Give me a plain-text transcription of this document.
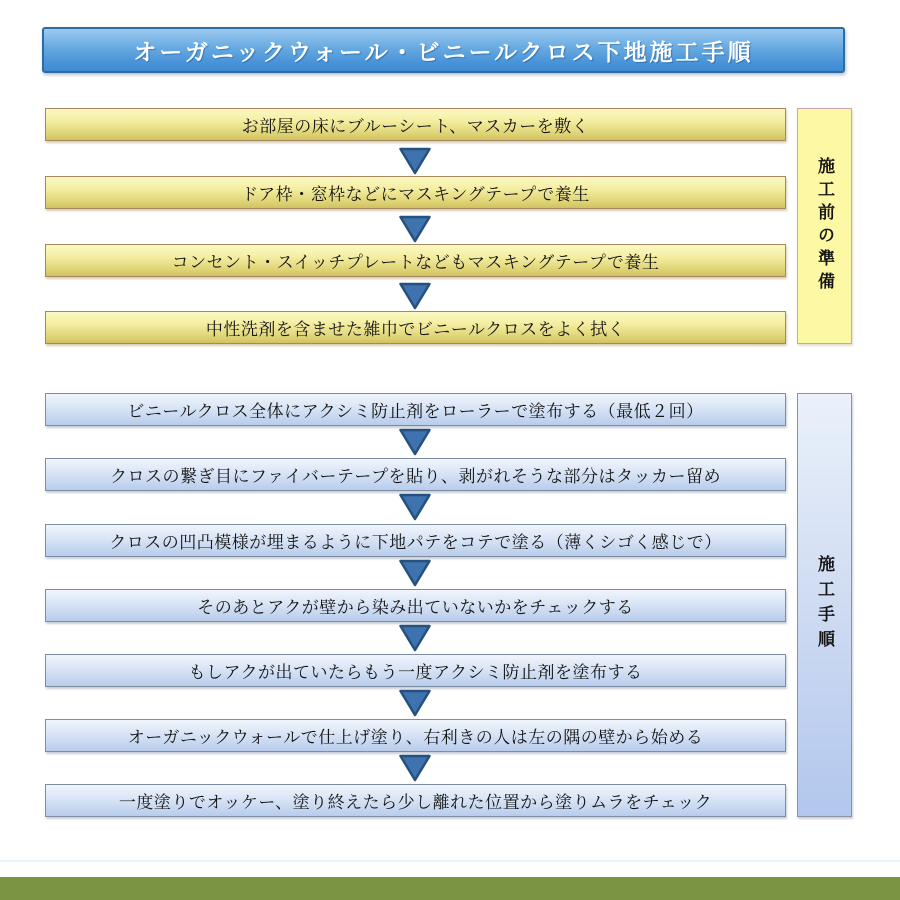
オーガニックウォール・ビニールクロス下地施工手順
お部屋の床にブルーシート、マスカーを敷く
ドア枠・窓枠などにマスキングテープで養生
コンセント・スイッチプレートなどもマスキングテープで養生
中性洗剤を含ませた雑巾でビニールクロスをよく拭く
施工前の準備
ビニールクロス全体にアクシミ防止剤をローラーで塗布する（最低２回）
クロスの繋ぎ目にファイバーテープを貼り、剥がれそうな部分はタッカー留め
クロスの凹凸模様が埋まるように下地パテをコテで塗る（薄くシゴく感じで）
そのあとアクが壁から染み出ていないかをチェックする
もしアクが出ていたらもう一度アクシミ防止剤を塗布する
オーガニックウォールで仕上げ塗り、右利きの人は左の隅の壁から始める
一度塗りでオッケー、塗り終えたら少し離れた位置から塗りムラをチェック
施工手順
